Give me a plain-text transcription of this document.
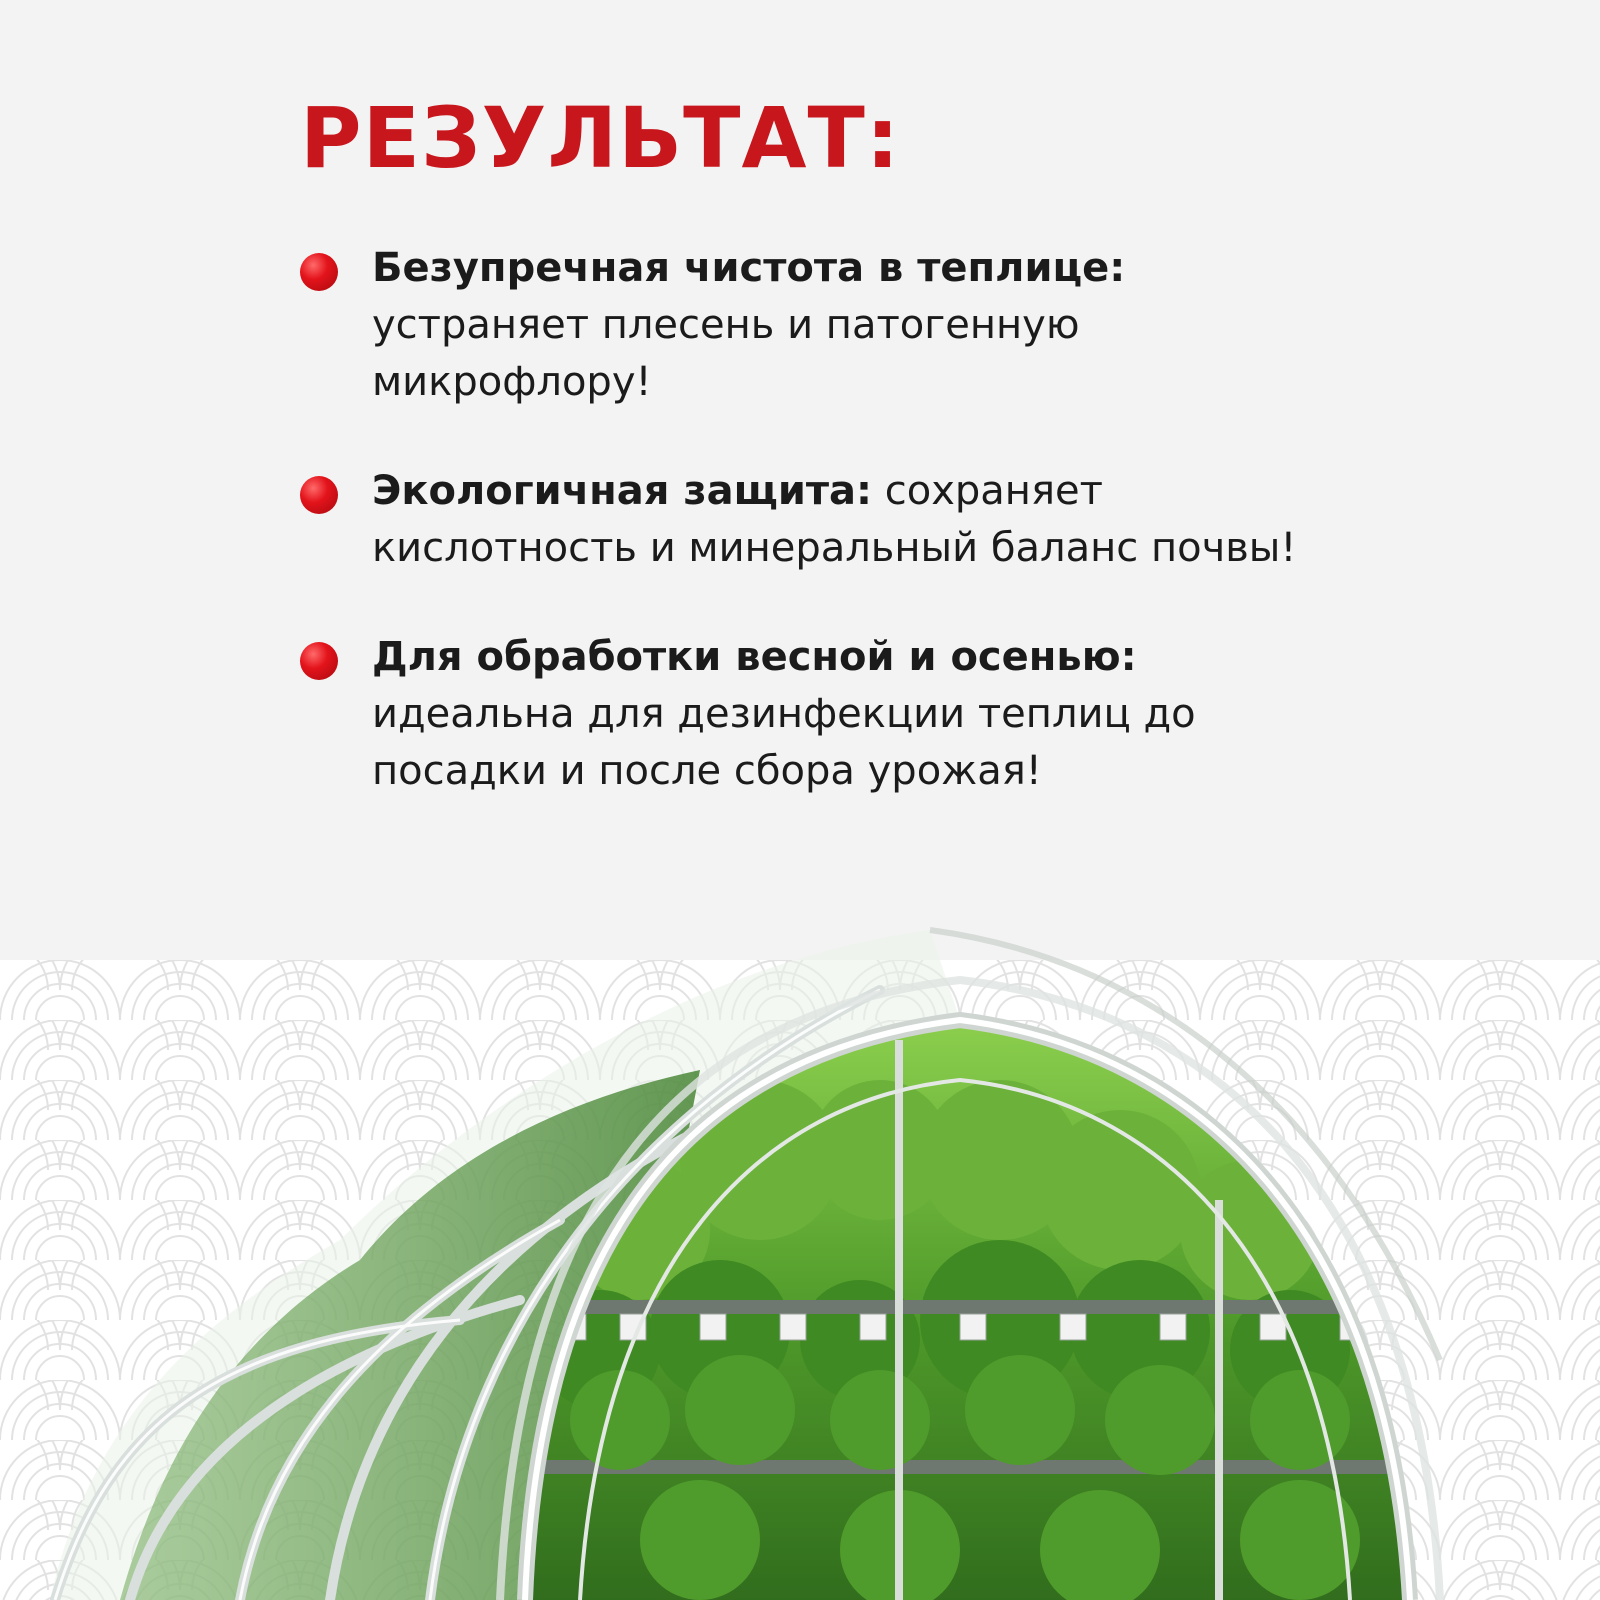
РЕЗУЛЬТАТ:
Безупречная чистота в теплице: устраняет плесень и патогенную микрофлору!
Экологичная защита: сохраняет кислотность и минеральный баланс почвы!
Для обработки весной и осенью: идеальна для дезинфекции теплиц до посадки и после сбора урожая!
